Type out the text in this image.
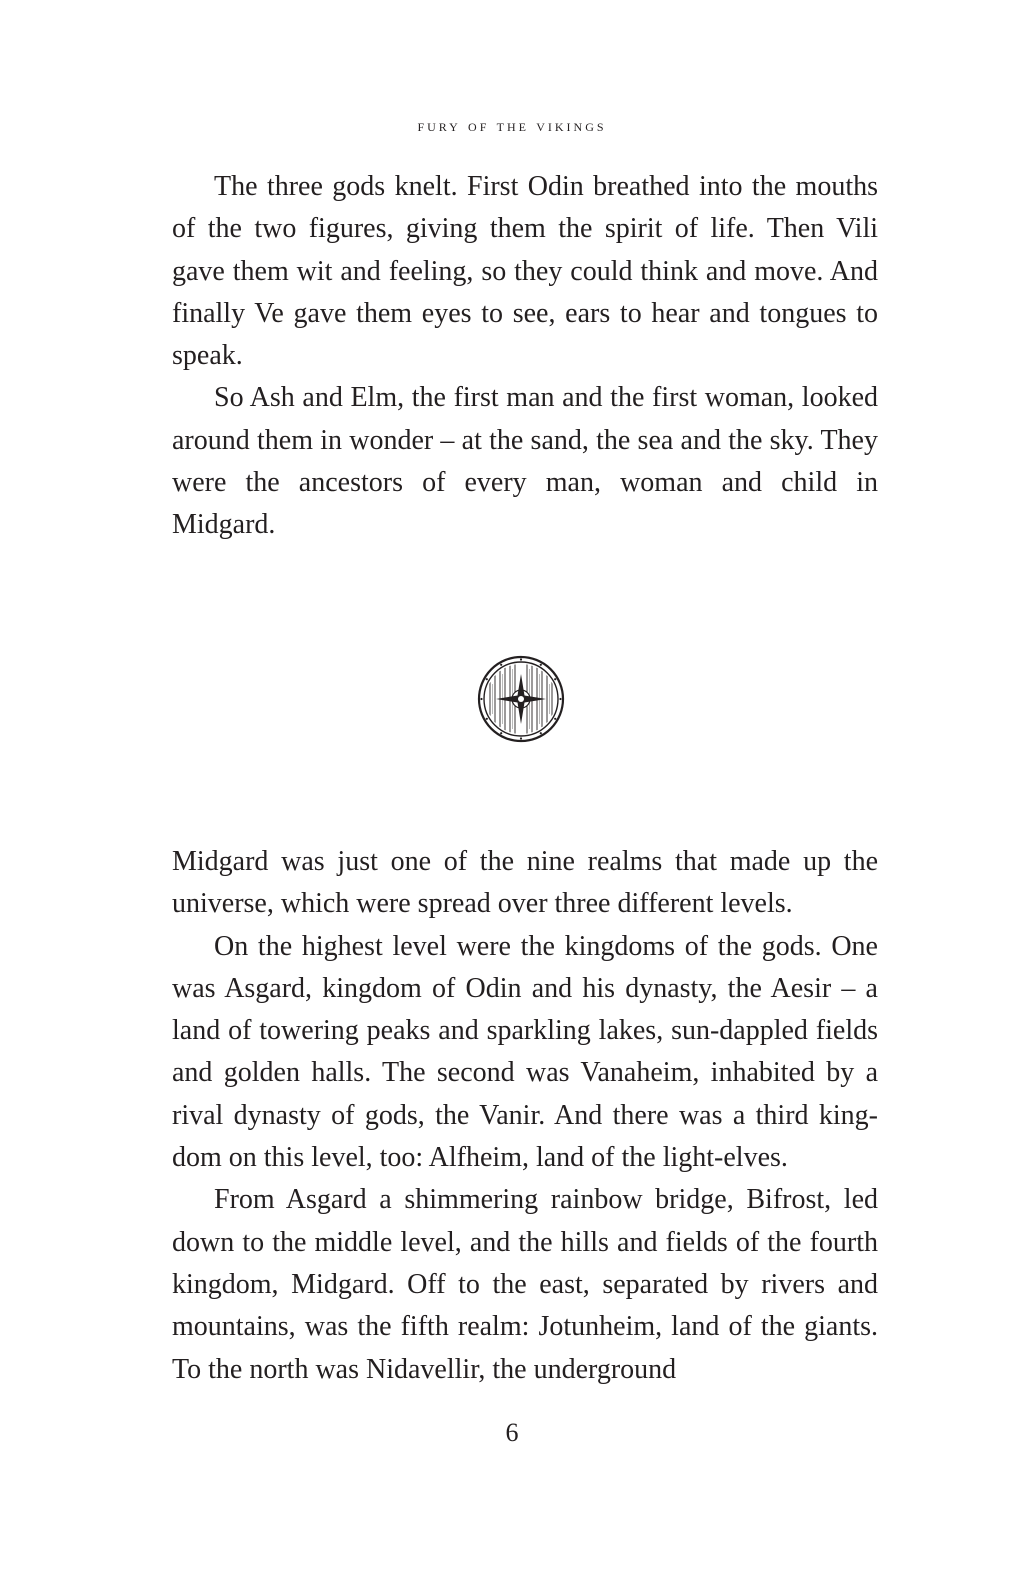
fury of the vikings

The three gods knelt. First Odin breathed into the mouths of the two figures, giving them the spirit of life. Then Vili gave them wit and feeling, so they could think and move. And finally Ve gave them eyes to see, ears to hear and tongues to speak.

So Ash and Elm, the first man and the first woman, looked around them in wonder – at the sand, the sea and the sky. They were the ancestors of every man, woman and child in Midgard.

Midgard was just one of the nine realms that made up the universe, which were spread over three different levels.

On the highest level were the kingdoms of the gods. One was Asgard, kingdom of Odin and his dynasty, the Aesir – a land of towering peaks and sparkling lakes, sun-dappled fields and golden halls. The second was Vanaheim, inhabited by a rival dynasty of gods, the Vanir. And there was a third kingdom on this level, too: Alfheim, land of the light-elves.

From Asgard a shimmering rainbow bridge, Bifrost, led down to the middle level, and the hills and fields of the fourth kingdom, Midgard. Off to the east, separated by rivers and mountains, was the fifth realm: Jotunheim, land of the giants. To the north was Nidavellir, the underground

6
